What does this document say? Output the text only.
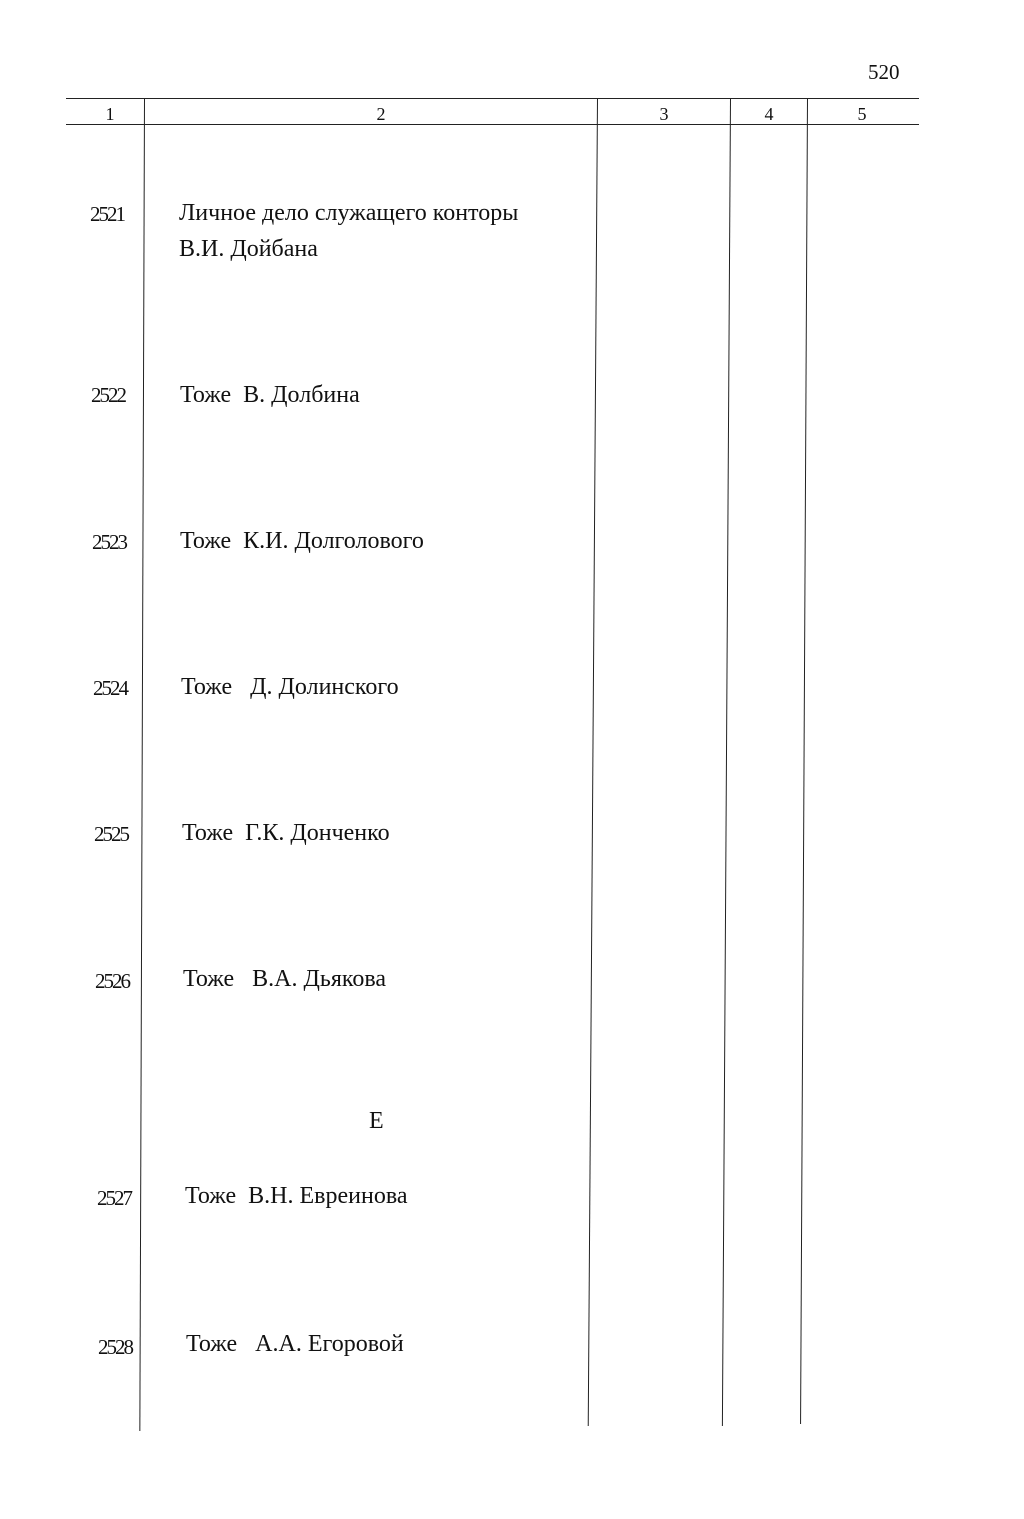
520
1	2	3	4	5
2521 Личное дело служащего конторы
В.И. Дойбана
2522 Тоже  В. Долбина
2523 Тоже  К.И. Долголового
2524 Тоже   Д. Долинского
2525 Тоже  Г.К. Донченко
2526 Тоже   В.А. Дьякова
Е
2527 Тоже  В.Н. Евреинова
2528 Тоже   А.А. Егоровой
